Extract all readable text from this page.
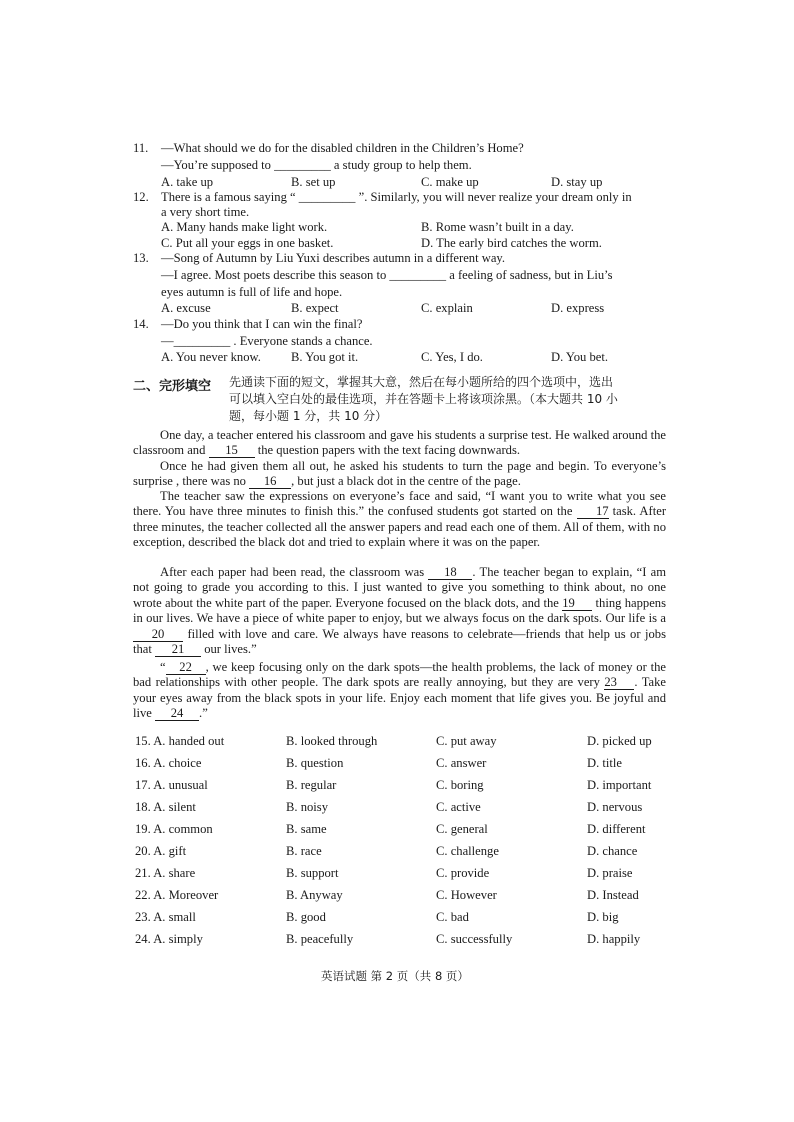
11. —What should we do for the disabled children in the Children’s Home?
—You’re supposed to _________ a study group to help them.
A. take up	B. set up	C. make up	D. stay up
12. There is a famous saying “ _________ ”. Similarly, you will never realize your dream only in
a very short time.
A. Many hands make light work.	B. Rome wasn’t built in a day.
C. Put all your eggs in one basket.	D. The early bird catches the worm.
13. —Song of Autumn by Liu Yuxi describes autumn in a different way.
—I agree. Most poets describe this season to _________ a feeling of sadness, but in Liu’s
eyes autumn is full of life and hope.
A. excuse	B. expect	C. explain	D. express
14. —Do you think that I can win the final?
—_________ . Everyone stands a chance.
A. You never know. B. You got it.	C. Yes, I do.	D. You bet.
二、完形填空 先通读下面的短文，掌握其大意，然后在每小题所给的四个选项中，选出
可以填入空白处的最佳选项，并在答题卡上将该项涂黑。（本大题共 10 小
题，每小题 1 分，共 10 分）
One day, a teacher entered his classroom and gave his students a surprise test. He walked around the classroom and 15 the question papers with the text facing downwards.
Once he had given them all out, he asked his students to turn the page and begin. To everyone’s surprise , there was no 16 , but just a black dot in the centre of the page.
The teacher saw the expressions on everyone’s face and said, “I want you to write what you see there. You have three minutes to finish this.” the confused students got started on the 17 task. After three minutes, the teacher collected all the answer papers and read each one of them. All of them, with no exception, described the black dot and tried to explain where it was on the paper.
After each paper had been read, the classroom was 18 . The teacher began to explain, “I am not going to grade you according to this. I just wanted to give you something to think about, no one wrote about the white part of the paper. Everyone focused on the black dots, and the 19 thing happens in our lives. We have a piece of white paper to enjoy, but we always focus on the dark spots. Our life is a 20 filled with love and care. We always have reasons to celebrate—friends that help us or jobs that 21 our lives.”
“ 22 , we keep focusing only on the dark spots—the health problems, the lack of money or the bad relationships with other people. The dark spots are really annoying, but they are very 23 . Take your eyes away from the black spots in your life. Enjoy each moment that life gives you. Be joyful and live 24 .”
15. A. handed out	B. looked through	C. put away	D. picked up
16. A. choice	B. question	C. answer	D. title
17. A. unusual	B. regular	C. boring	D. important
18. A. silent	B. noisy	C. active	D. nervous
19. A. common	B. same	C. general	D. different
20. A. gift	B. race	C. challenge	D. chance
21. A. share	B. support	C. provide	D. praise
22. A. Moreover	B. Anyway	C. However	D. Instead
23. A. small	B. good	C. bad	D. big
24. A. simply	B. peacefully	C. successfully	D. happily
英语试题 第 2 页（共 8 页）
